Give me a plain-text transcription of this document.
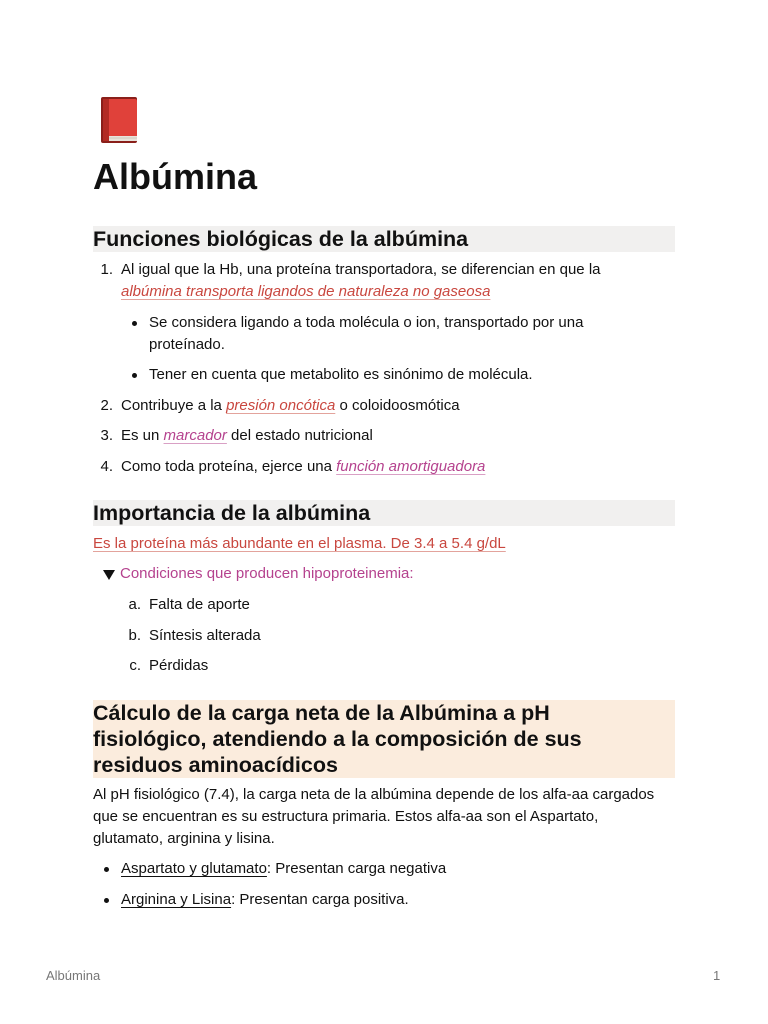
Albúmina
Funciones biológicas de la albúmina
1. Al igual que la Hb, una proteína transportadora, se diferencian en que la

albúmina transporta ligandos de naturaleza no gaseosa

Se considera ligando a toda molécula o ion, transportado por una

proteínado.

Tener en cuenta que metabolito es sinónimo de molécula.

2. Contribuye a la presión oncótica o coloidoosmótica

3. Es un marcador del estado nutricional

4. Como toda proteína, ejerce una función amortiguadora

Importancia de la albúmina

Es la proteína más abundante en el plasma. De 3.4 a 5.4 g/dL

Condiciones que producen hipoproteinemia:

a. Falta de aporte

b. Síntesis alterada

c. Pérdidas

Cálculo de la carga neta de la Albúmina a pH
fisiológico, atendiendo a la composición de sus
residuos aminoacídicos

Al pH fisiológico (7.4), la carga neta de la albúmina depende de los alfa-aa cargados

que se encuentran es su estructura primaria. Estos alfa-aa son el Aspartato,

glutamato, arginina y lisina.

Aspartato y glutamato: Presentan carga negativa

Arginina y Lisina: Presentan carga positiva.

Albúmina	1
